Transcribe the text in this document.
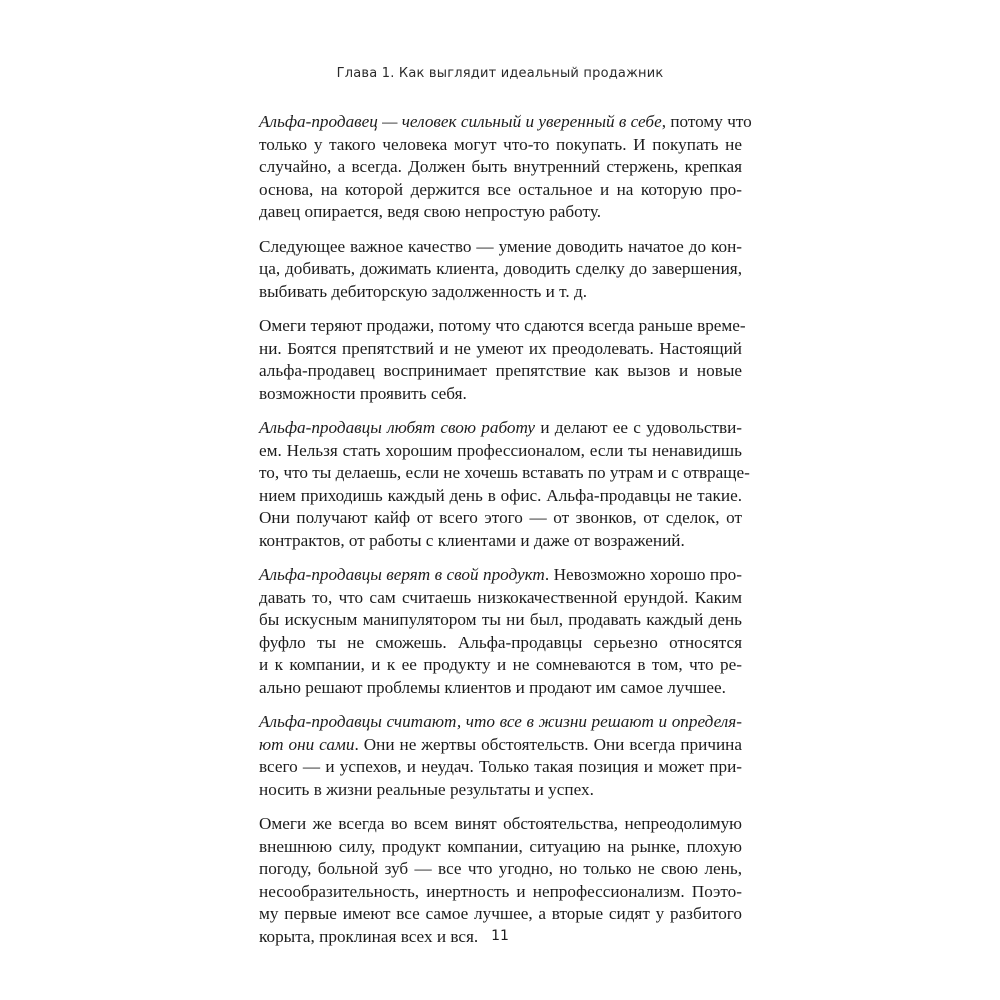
Глава 1. Как выглядит идеальный продажник
Альфа-продавец — человек сильный и уверенный в себе, потому что
только у такого человека могут что-то покупать. И покупать не
случайно, а всегда. Должен быть внутренний стержень, крепкая
основа, на которой держится все остальное и на которую про-
давец опирается, ведя свою непростую работу.
Следующее важное качество — умение доводить начатое до кон-
ца, добивать, дожимать клиента, доводить сделку до завершения,
выбивать дебиторскую задолженность и т. д.
Омеги теряют продажи, потому что сдаются всегда раньше време-
ни. Боятся препятствий и не умеют их преодолевать. Настоящий
альфа-продавец воспринимает препятствие как вызов и новые
возможности проявить себя.
Альфа-продавцы любят свою работу и делают ее с удовольстви-
ем. Нельзя стать хорошим профессионалом, если ты ненавидишь
то, что ты делаешь, если не хочешь вставать по утрам и с отвраще-
нием приходишь каждый день в офис. Альфа-продавцы не такие.
Они получают кайф от всего этого — от звонков, от сделок, от
контрактов, от работы с клиентами и даже от возражений.
Альфа-продавцы верят в свой продукт. Невозможно хорошо про-
давать то, что сам считаешь низкокачественной ерундой. Каким
бы искусным манипулятором ты ни был, продавать каждый день
фуфло ты не сможешь. Альфа-продавцы серьезно относятся
и к компании, и к ее продукту и не сомневаются в том, что ре-
ально решают проблемы клиентов и продают им самое лучшее.
Альфа-продавцы считают, что все в жизни решают и определя-
ют они сами. Они не жертвы обстоятельств. Они всегда причина
всего — и успехов, и неудач. Только такая позиция и может при-
носить в жизни реальные результаты и успех.
Омеги же всегда во всем винят обстоятельства, непреодолимую
внешнюю силу, продукт компании, ситуацию на рынке, плохую
погоду, больной зуб — все что угодно, но только не свою лень,
несообразительность, инертность и непрофессионализм. Поэто-
му первые имеют все самое лучшее, а вторые сидят у разбитого
корыта, проклиная всех и вся. 11
